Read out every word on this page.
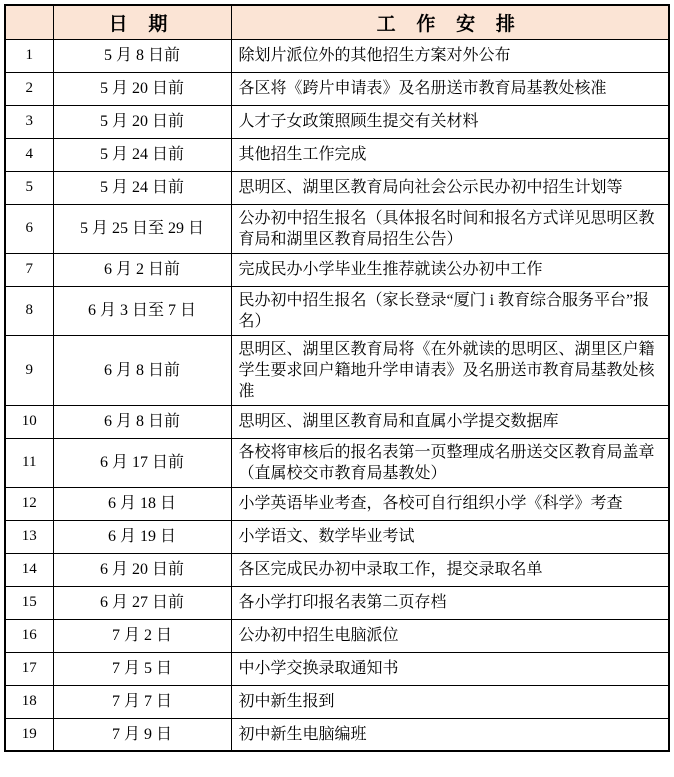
	日 期	工 作 安 排
1	5 月 8 日前	除划片派位外的其他招生方案对外公布
2	5 月 20 日前	各区将《跨片申请表》及名册送市教育局基教处核准
3	5 月 20 日前	人才子女政策照顾生提交有关材料
4	5 月 24 日前	其他招生工作完成
5	5 月 24 日前	思明区、湖里区教育局向社会公示民办初中招生计划等
6	5 月 25 日至 29 日	公办初中招生报名（具体报名时间和报名方式详见思明区教育局和湖里区教育局招生公告）
7	6 月 2 日前	完成民办小学毕业生推荐就读公办初中工作
8	6 月 3 日至 7 日	民办初中招生报名（家长登录“厦门 i 教育综合服务平台”报名）
9	6 月 8 日前	思明区、湖里区教育局将《在外就读的思明区、湖里区户籍学生要求回户籍地升学申请表》及名册送市教育局基教处核准
10	6 月 8 日前	思明区、湖里区教育局和直属小学提交数据库
11	6 月 17 日前	各校将审核后的报名表第一页整理成名册送交区教育局盖章（直属校交市教育局基教处）
12	6 月 18 日	小学英语毕业考查，各校可自行组织小学《科学》考查
13	6 月 19 日	小学语文、数学毕业考试
14	6 月 20 日前	各区完成民办初中录取工作，提交录取名单
15	6 月 27 日前	各小学打印报名表第二页存档
16	7 月 2 日	公办初中招生电脑派位
17	7 月 5 日	中小学交换录取通知书
18	7 月 7 日	初中新生报到
19	7 月 9 日	初中新生电脑编班
